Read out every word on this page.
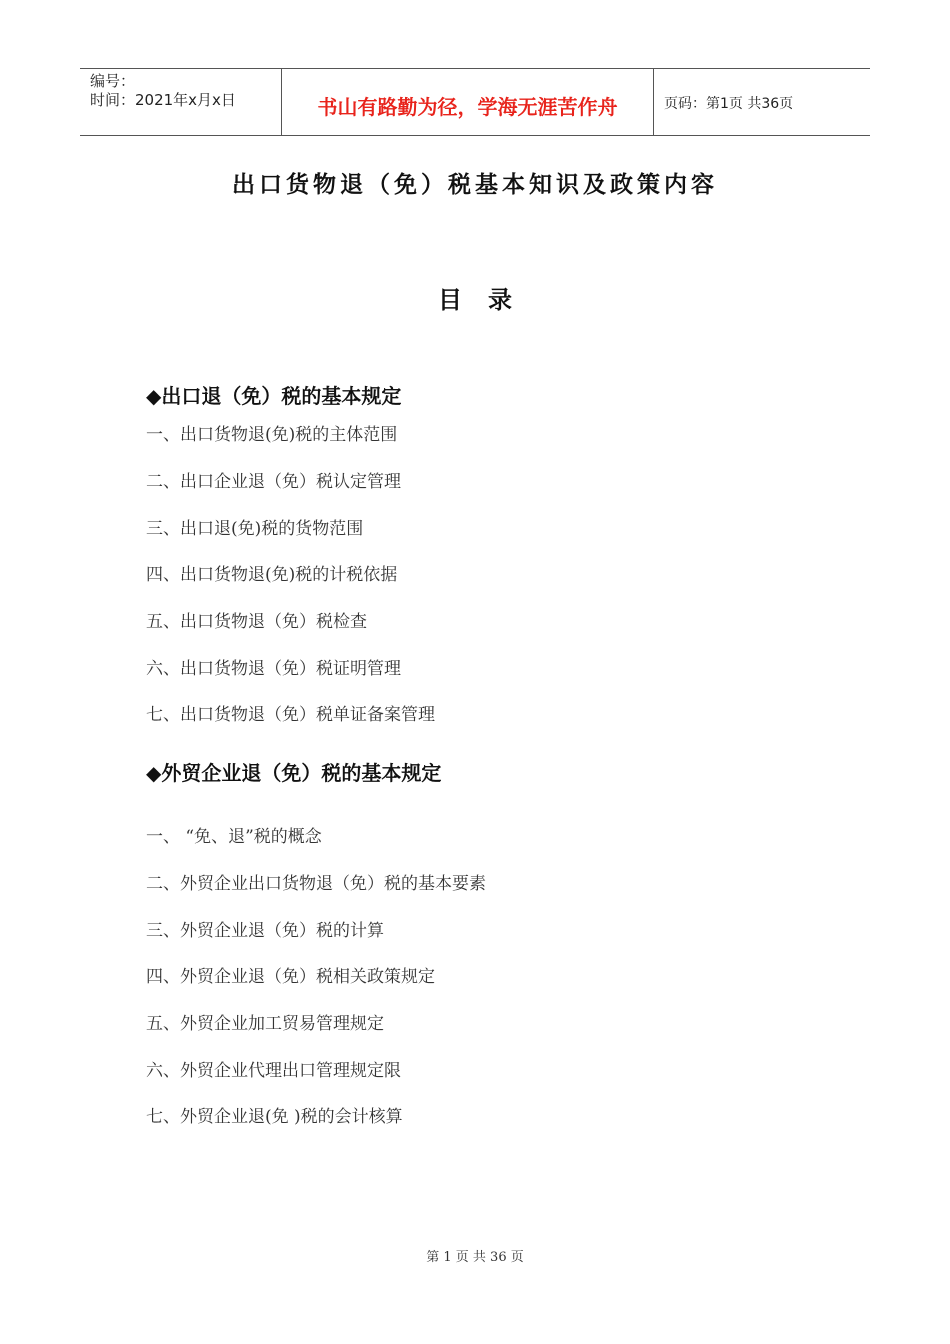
编号：
时间：2021年x月x日	书山有路勤为径，学海无涯苦作舟	页码：第1页 共36页
出口货物退（免）税基本知识及政策内容
目录
◆出口退（免）税的基本规定
一、出口货物退(免)税的主体范围
二、出口企业退（免）税认定管理
三、出口退(免)税的货物范围
四、出口货物退(免)税的计税依据
五、出口货物退（免）税检查
六、出口货物退（免）税证明管理
七、出口货物退（免）税单证备案管理
◆外贸企业退（免）税的基本规定
一、 “免、退”税的概念
二、外贸企业出口货物退（免）税的基本要素
三、外贸企业退（免）税的计算
四、外贸企业退（免）税相关政策规定
五、外贸企业加工贸易管理规定
六、外贸企业代理出口管理规定限
七、外贸企业退(免 )税的会计核算
第 1 页 共 36 页
